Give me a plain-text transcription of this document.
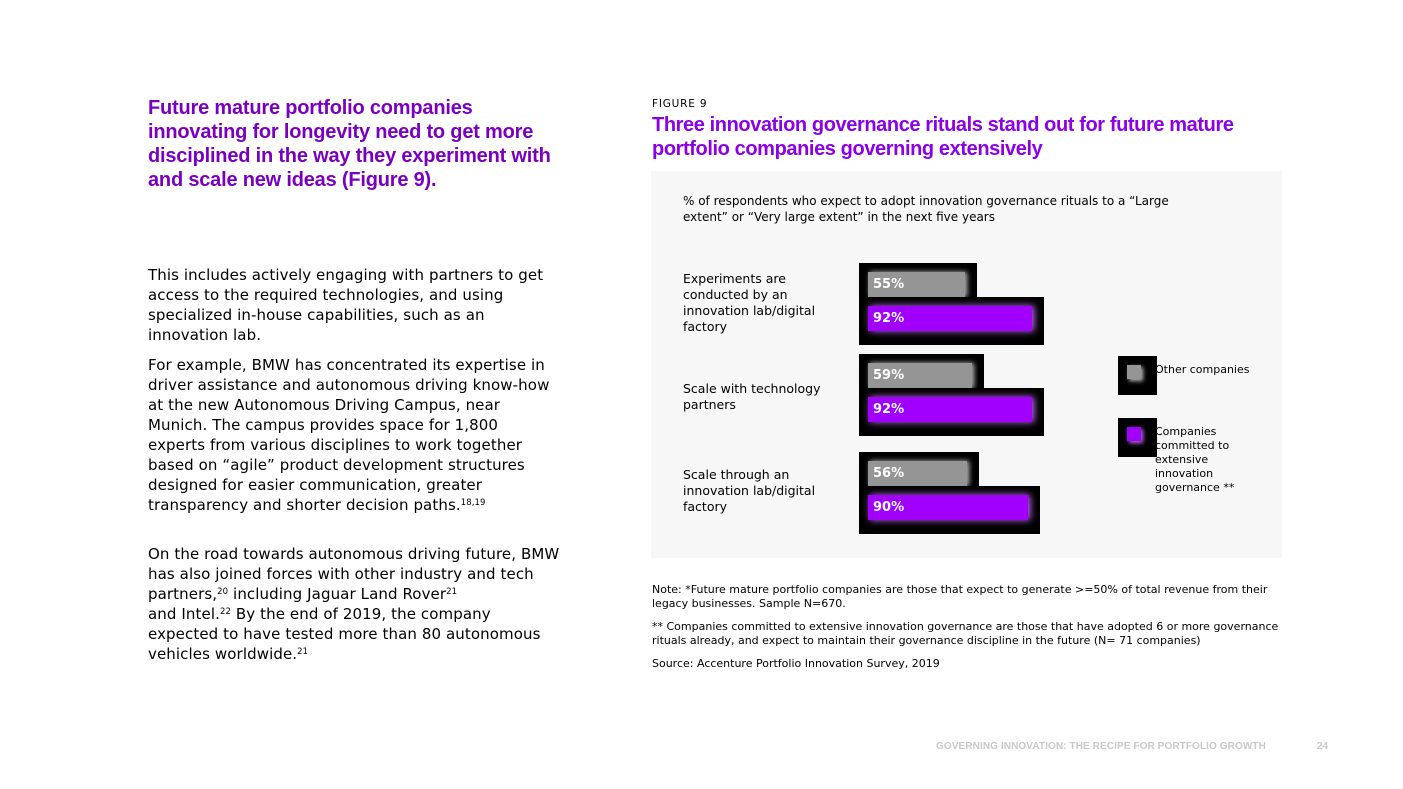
Future mature portfolio companies innovating for longevity need to get more disciplined in the way they experiment with and scale new ideas (Figure 9).

This includes actively engaging with partners to get access to the required technologies, and using specialized in-house capabilities, such as an innovation lab.

For example, BMW has concentrated its expertise in driver assistance and autonomous driving know-how at the new Autonomous Driving Campus, near Munich. The campus provides space for 1,800 experts from various disciplines to work together based on “agile” product development structures designed for easier communication, greater transparency and shorter decision paths.$^{18,19}$

On the road towards autonomous driving future, BMW has also joined forces with other industry and tech partners,$^{20}$ including Jaguar Land Rover$^{21}$
and Intel.$^{22}$ By the end of 2019, the company expected to have tested more than 80 autonomous vehicles worldwide.$^{21}$

FIGURE 9
Three innovation governance rituals stand out for future mature portfolio companies governing extensively
% of respondents who expect to adopt innovation governance rituals to a “Large extent” or “Very large extent” in the next five years
Experiments are conducted by an innovation lab/digital factory
Scale with technology partners
Scale through an innovation lab/digital factory
55%
92%
59%
92%
56%
90%
Other companies
Companies committed to extensive innovation governance **
Note: *Future mature portfolio companies are those that expect to generate >=50% of total revenue from their legacy businesses. Sample N=670.
** Companies committed to extensive innovation governance are those that have adopted 6 or more governance rituals already, and expect to maintain their governance discipline in the future (N= 71 companies)
Source: Accenture Portfolio Innovation Survey, 2019
GOVERNING INNOVATION: THE RECIPE FOR PORTFOLIO GROWTH	24
